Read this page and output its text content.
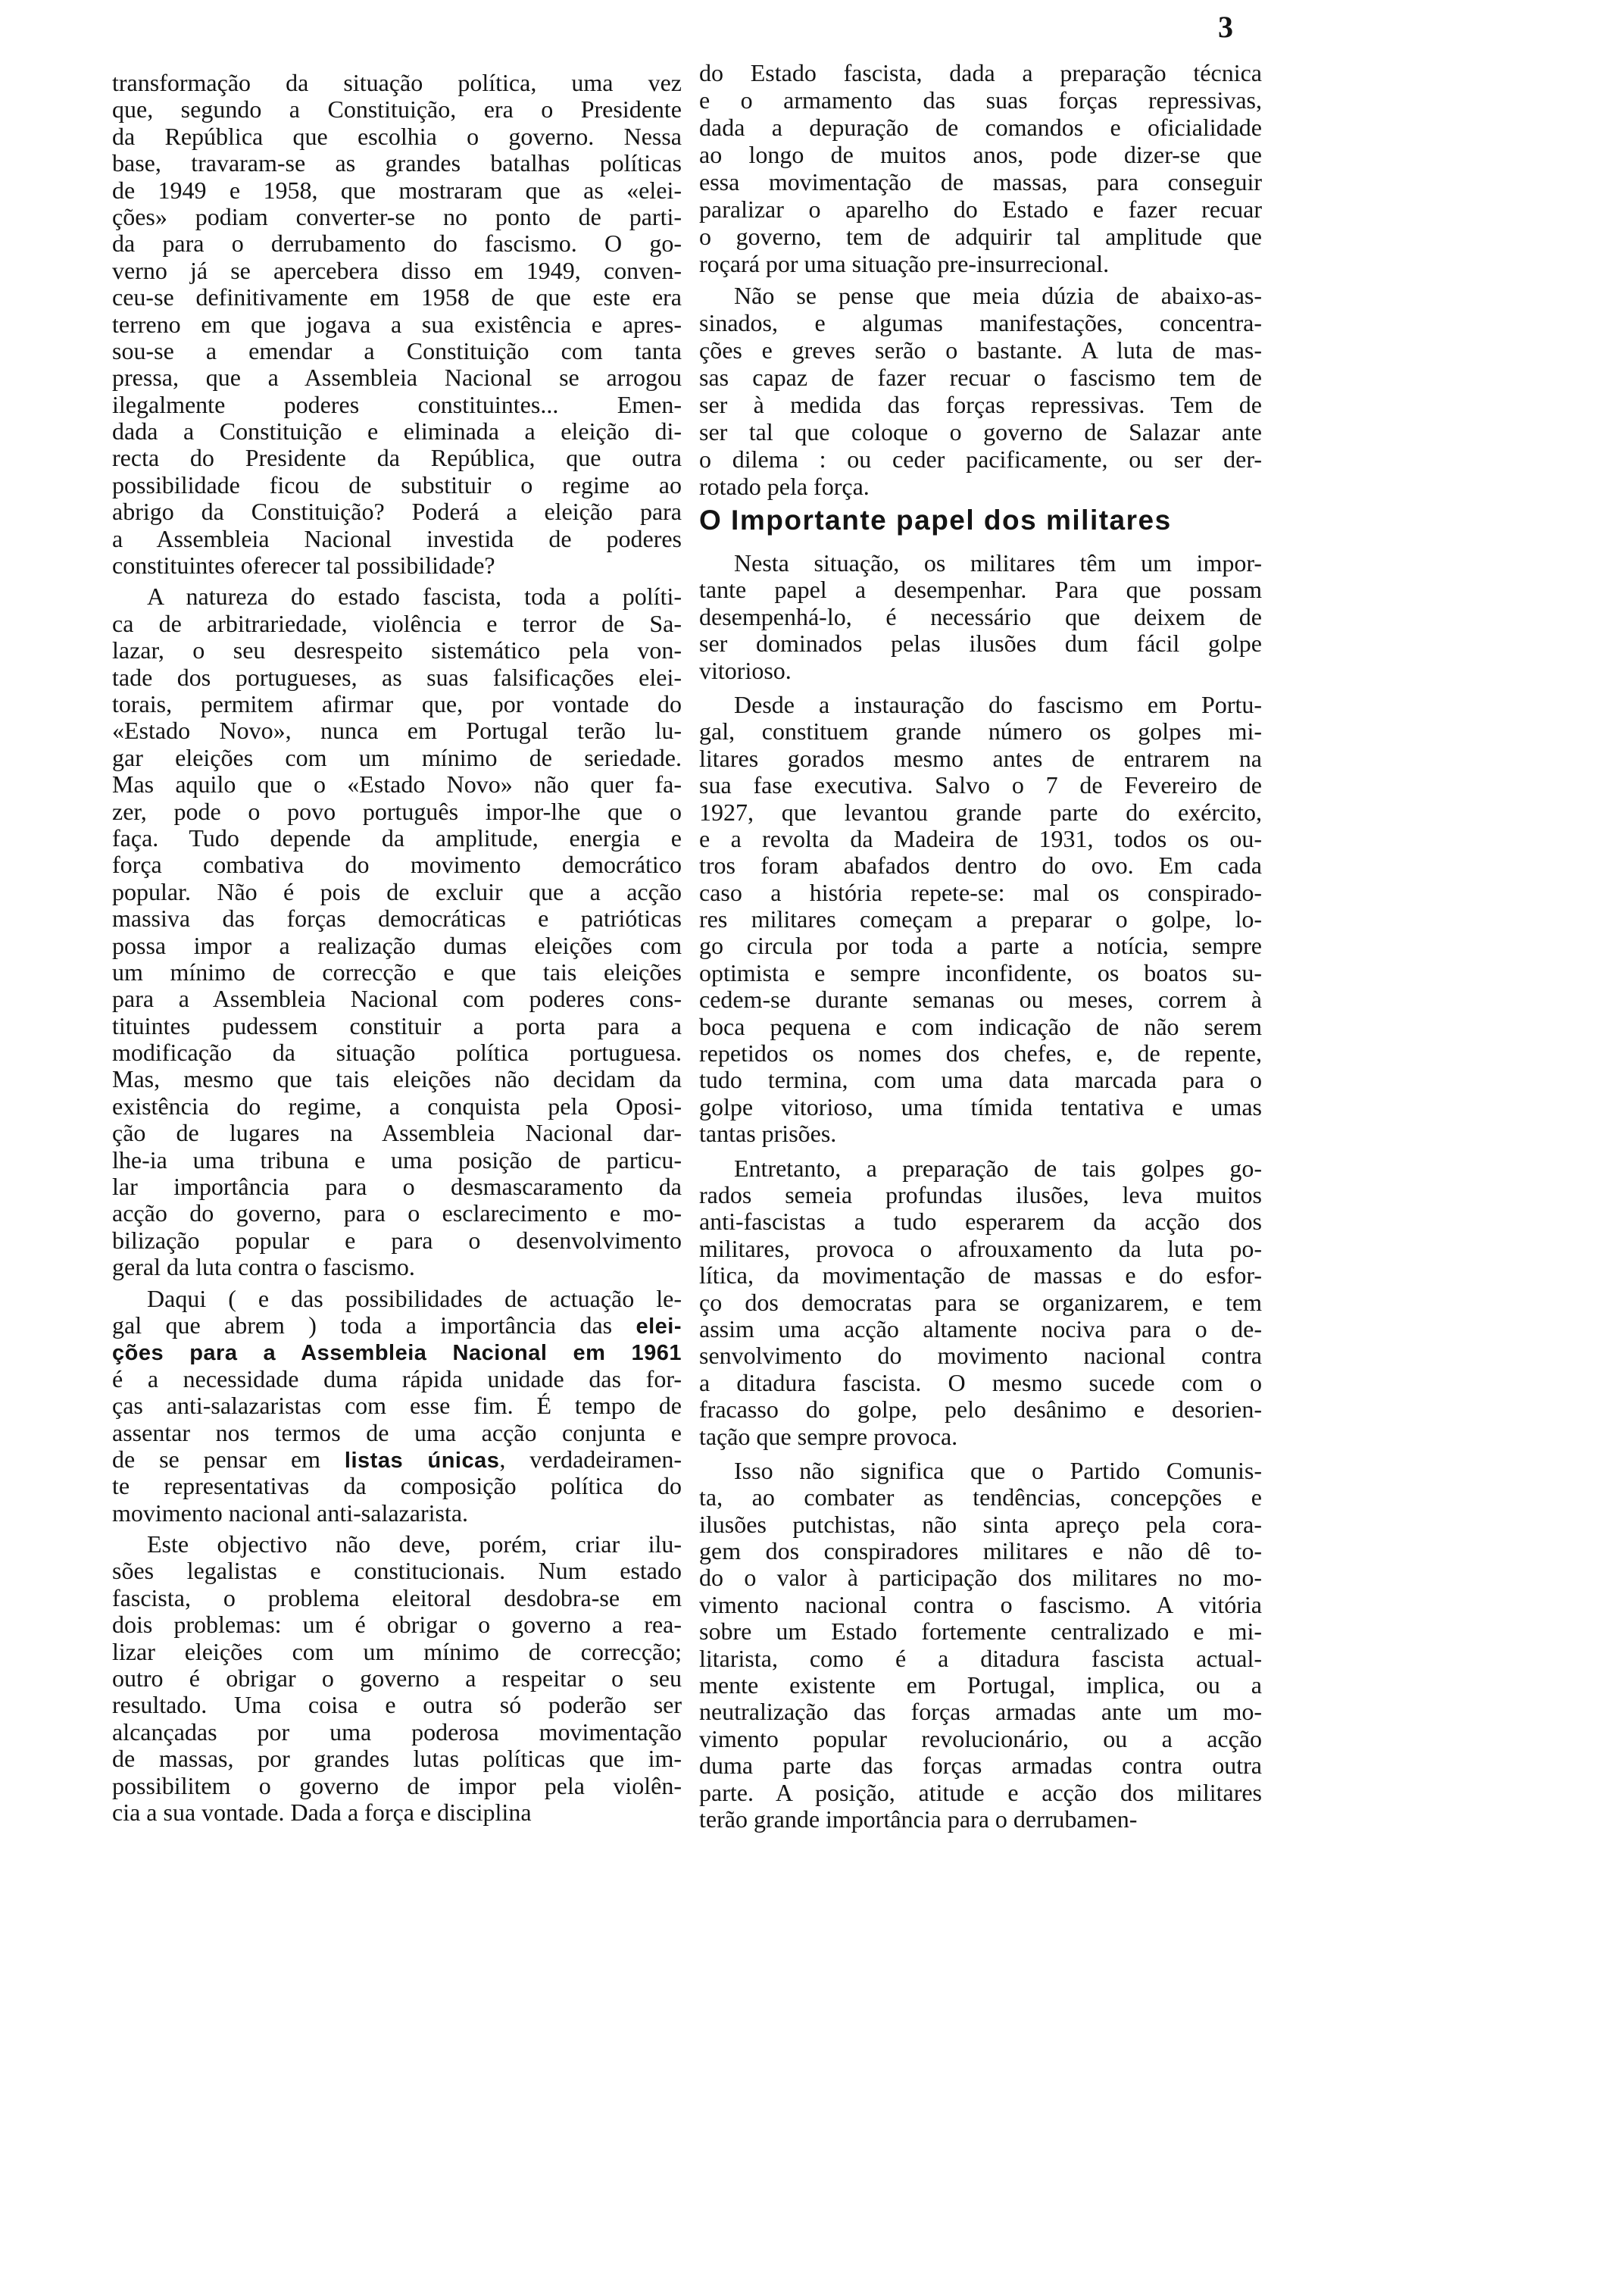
3
transformação da situação política, uma vez
que, segundo a Constituição, era o Presidente
da República que escolhia o governo. Nessa
base, travaram-se as grandes batalhas políticas
de 1949 e 1958, que mostraram que as «elei-
ções» podiam converter-se no ponto de parti-
da para o derrubamento do fascismo. O go-
verno já se apercebera disso em 1949, conven-
ceu-se definitivamente em 1958 de que este era
terreno em que jogava a sua existência e apres-
sou-se a emendar a Constituição com tanta
pressa, que a Assembleia Nacional se arrogou
ilegalmente poderes constituintes... Emen-
dada a Constituição e eliminada a eleição di-
recta do Presidente da República, que outra
possibilidade ficou de substituir o regime ao
abrigo da Constituição? Poderá a eleição para
a Assembleia Nacional investida de poderes
constituintes oferecer tal possibilidade?
A natureza do estado fascista, toda a políti-
ca de arbitrariedade, violência e terror de Sa-
lazar, o seu desrespeito sistemático pela von-
tade dos portugueses, as suas falsificações elei-
torais, permitem afirmar que, por vontade do
«Estado Novo», nunca em Portugal terão lu-
gar eleições com um mínimo de seriedade.
Mas aquilo que o «Estado Novo» não quer fa-
zer, pode o povo português impor-lhe que o
faça. Tudo depende da amplitude, energia e
força combativa do movimento democrático
popular. Não é pois de excluir que a acção
massiva das forças democráticas e patrióticas
possa impor a realização dumas eleições com
um mínimo de correcção e que tais eleições
para a Assembleia Nacional com poderes cons-
tituintes pudessem constituir a porta para a
modificação da situação política portuguesa.
Mas, mesmo que tais eleições não decidam da
existência do regime, a conquista pela Oposi-
ção de lugares na Assembleia Nacional dar-
lhe-ia uma tribuna e uma posição de particu-
lar importância para o desmascaramento da
acção do governo, para o esclarecimento e mo-
bilização popular e para o desenvolvimento
geral da luta contra o fascismo.
Daqui ( e das possibilidades de actuação le-
gal que abrem ) toda a importância das elei-
ções para a Assembleia Nacional em 1961
é a necessidade duma rápida unidade das for-
ças anti-salazaristas com esse fim. É tempo de
assentar nos termos de uma acção conjunta e
de se pensar em listas únicas, verdadeiramen-
te representativas da composição política do
movimento nacional anti-salazarista.
Este objectivo não deve, porém, criar ilu-
sões legalistas e constitucionais. Num estado
fascista, o problema eleitoral desdobra-se em
dois problemas: um é obrigar o governo a rea-
lizar eleições com um mínimo de correcção;
outro é obrigar o governo a respeitar o seu
resultado. Uma coisa e outra só poderão ser
alcançadas por uma poderosa movimentação
de massas, por grandes lutas políticas que im-
possibilitem o governo de impor pela violên-
cia a sua vontade. Dada a força e disciplina
do Estado fascista, dada a preparação técnica
e o armamento das suas forças repressivas,
dada a depuração de comandos e oficialidade
ao longo de muitos anos, pode dizer-se que
essa movimentação de massas, para conseguir
paralizar o aparelho do Estado e fazer recuar
o governo, tem de adquirir tal amplitude que
roçará por uma situação pre-insurrecional.
Não se pense que meia dúzia de abaixo-as-
sinados, e algumas manifestações, concentra-
ções e greves serão o bastante. A luta de mas-
sas capaz de fazer recuar o fascismo tem de
ser à medida das forças repressivas. Tem de
ser tal que coloque o governo de Salazar ante
o dilema : ou ceder pacificamente, ou ser der-
rotado pela força.
O Importante papel dos militares
Nesta situação, os militares têm um impor-
tante papel a desempenhar. Para que possam
desempenhá-lo, é necessário que deixem de
ser dominados pelas ilusões dum fácil golpe
vitorioso.
Desde a instauração do fascismo em Portu-
gal, constituem grande número os golpes mi-
litares gorados mesmo antes de entrarem na
sua fase executiva. Salvo o 7 de Fevereiro de
1927, que levantou grande parte do exército,
e a revolta da Madeira de 1931, todos os ou-
tros foram abafados dentro do ovo. Em cada
caso a história repete-se: mal os conspirado-
res militares começam a preparar o golpe, lo-
go circula por toda a parte a notícia, sempre
optimista e sempre inconfidente, os boatos su-
cedem-se durante semanas ou meses, correm à
boca pequena e com indicação de não serem
repetidos os nomes dos chefes, e, de repente,
tudo termina, com uma data marcada para o
golpe vitorioso, uma tímida tentativa e umas
tantas prisões.
Entretanto, a preparação de tais golpes go-
rados semeia profundas ilusões, leva muitos
anti-fascistas a tudo esperarem da acção dos
militares, provoca o afrouxamento da luta po-
lítica, da movimentação de massas e do esfor-
ço dos democratas para se organizarem, e tem
assim uma acção altamente nociva para o de-
senvolvimento do movimento nacional contra
a ditadura fascista. O mesmo sucede com o
fracasso do golpe, pelo desânimo e desorien-
tação que sempre provoca.
Isso não significa que o Partido Comunis-
ta, ao combater as tendências, concepções e
ilusões putchistas, não sinta apreço pela cora-
gem dos conspiradores militares e não dê to-
do o valor à participação dos militares no mo-
vimento nacional contra o fascismo. A vitória
sobre um Estado fortemente centralizado e mi-
litarista, como é a ditadura fascista actual-
mente existente em Portugal, implica, ou a
neutralização das forças armadas ante um mo-
vimento popular revolucionário, ou a acção
duma parte das forças armadas contra outra
parte. A posição, atitude e acção dos militares
terão grande importância para o derrubamen-
